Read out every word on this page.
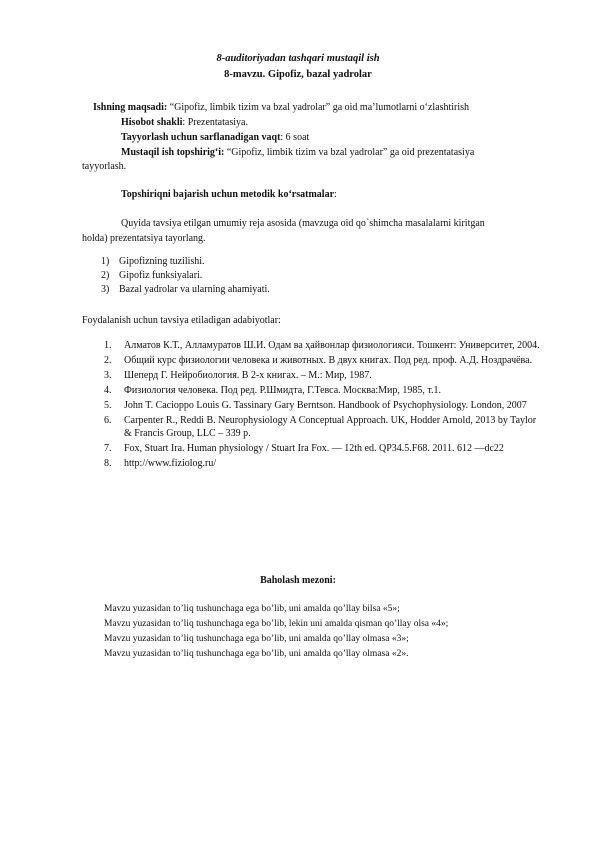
8-auditoriyadan tashqari mustaqil ish
8-mavzu. Gipofiz, bazal yadrolar
Ishning maqsadi: “Gipofiz, limbik tizim va bzal yadrolar” ga oid ma’lumotlarni o‘zlashtirish
Hisobot shakli: Prezentatasiya.
Tayyorlash uchun sarflanadigan vaqt: 6 soat
Mustaqil ish topshirig‘i: “Gipofiz, limbik tizim va bzal yadrolar” ga oid prezentatasiya
tayyorlash.
Topshiriqni bajarish uchun metodik ko‘rsatmalar:
Quyida tavsiya etilgan umumiy reja asosida (mavzuga oid qo`shimcha masalalarni kiritgan
holda) prezentatsiya tayorlang.
1) Gipofizning tuzilishi.
2) Gipofiz funksiyalari.
3) Bazal yadrolar va ularning ahamiyati.
Foydalanish uchun tavsiya etiladigan adabiyotlar:
1. Алматов К.Т., Алламуратов Ш.И. Одам ва ҳайвонлар физиологияси. Тошкент: Университет, 2004.
2. Общий курс физиологии человека и животных. В двух книгах. Под ред. проф. А.Д. Ноздрачёва.
3. Шеперд Г. Нейробиология. В 2-х книгах. – М.: Мир, 1987.
4. Физиология человека. Под ред. Р.Шмидта, Г.Тевса. Москва:Мир, 1985, т.1.
5. John T. Cacioppo Louis G. Tassinary Gary Berntson. Handbook of Psychophysiology. London, 2007
6. Carpenter R., Reddi B. Neurophysiology A Conceptual Approach. UK, Hodder Arnold, 2013 by Taylor & Francis Group, LLC – 339 p.
7. Fox, Stuart Ira. Human physiology / Stuart Ira Fox. — 12th ed. QP34.5.F68. 2011. 612 —dc22
8. http://www.fiziolog.ru/
Baholash mezoni:
Mavzu yuzasidan to’liq tushunchaga ega bo’lib, uni amalda qo’llay bilsa «5»;
Mavzu yuzasidan to’liq tushunchaga ega bo’lib, lekin uni amalda qisman qo’llay olsa «4»;
Mavzu yuzasidan to’liq tushunchaga ega bo’lib, uni amalda qo’llay olmasa «3»;
Mavzu yuzasidan to’liq tushunchaga ega bo’lib, uni amalda qo’llay olmasa «2».
